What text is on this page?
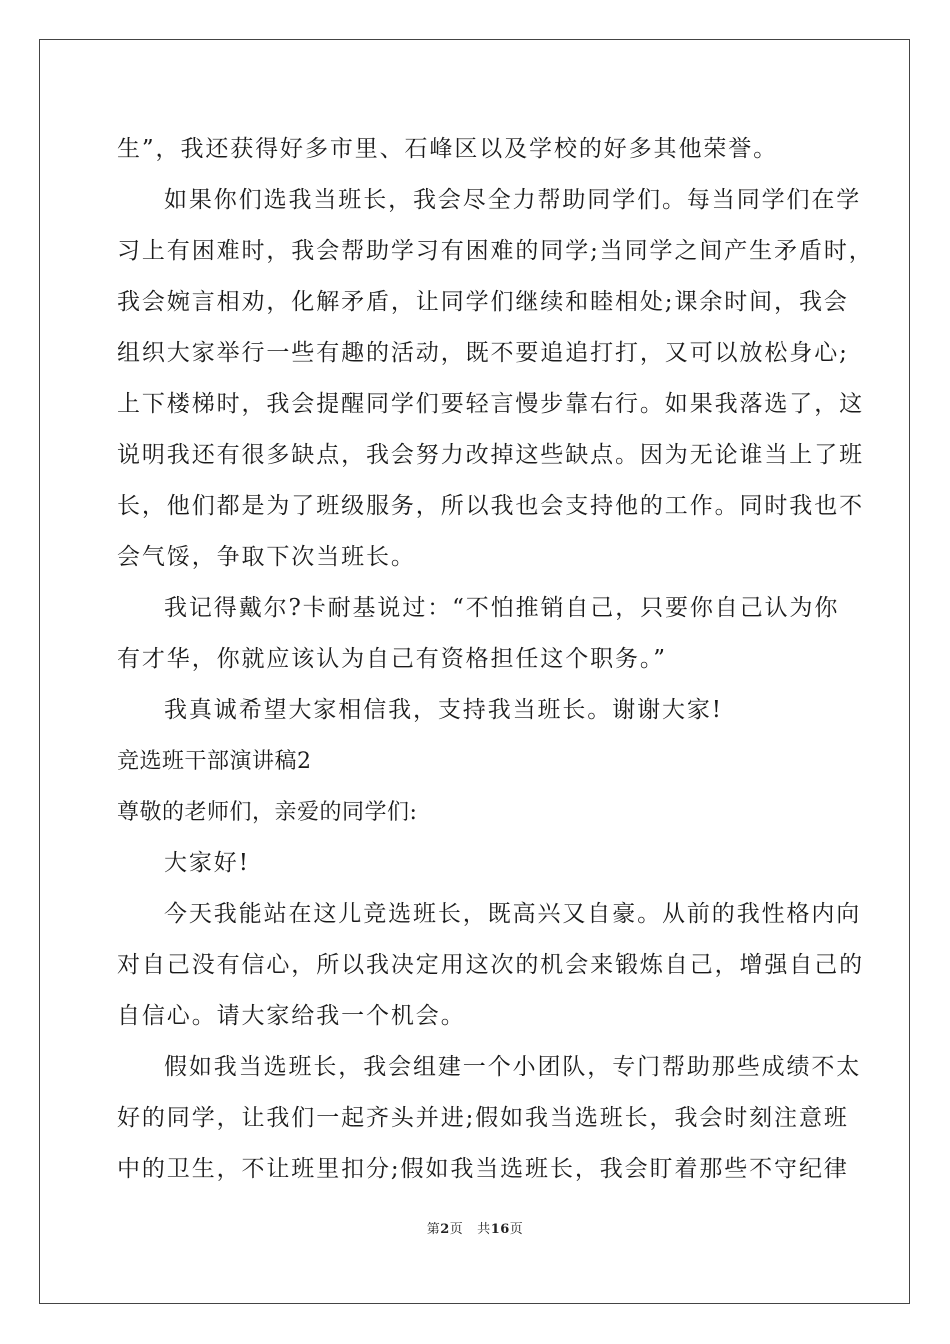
生”，我还获得好多市里、石峰区以及学校的好多其他荣誉。
如果你们选我当班长，我会尽全力帮助同学们。每当同学们在学
习上有困难时，我会帮助学习有困难的同学;当同学之间产生矛盾时，
我会婉言相劝，化解矛盾，让同学们继续和睦相处;课余时间，我会
组织大家举行一些有趣的活动，既不要追追打打，又可以放松身心;
上下楼梯时，我会提醒同学们要轻言慢步靠右行。如果我落选了，这
说明我还有很多缺点，我会努力改掉这些缺点。因为无论谁当上了班
长，他们都是为了班级服务，所以我也会支持他的工作。同时我也不
会气馁，争取下次当班长。
我记得戴尔?卡耐基说过：“不怕推销自己，只要你自己认为你
有才华，你就应该认为自己有资格担任这个职务。”
我真诚希望大家相信我，支持我当班长。谢谢大家!
竞选班干部演讲稿2
尊敬的老师们，亲爱的同学们:
大家好!
今天我能站在这儿竞选班长，既高兴又自豪。从前的我性格内向
对自己没有信心，所以我决定用这次的机会来锻炼自己，增强自己的
自信心。请大家给我一个机会。
假如我当选班长，我会组建一个小团队，专门帮助那些成绩不太
好的同学，让我们一起齐头并进;假如我当选班长，我会时刻注意班
中的卫生，不让班里扣分;假如我当选班长，我会盯着那些不守纪律
第2页 共16页
